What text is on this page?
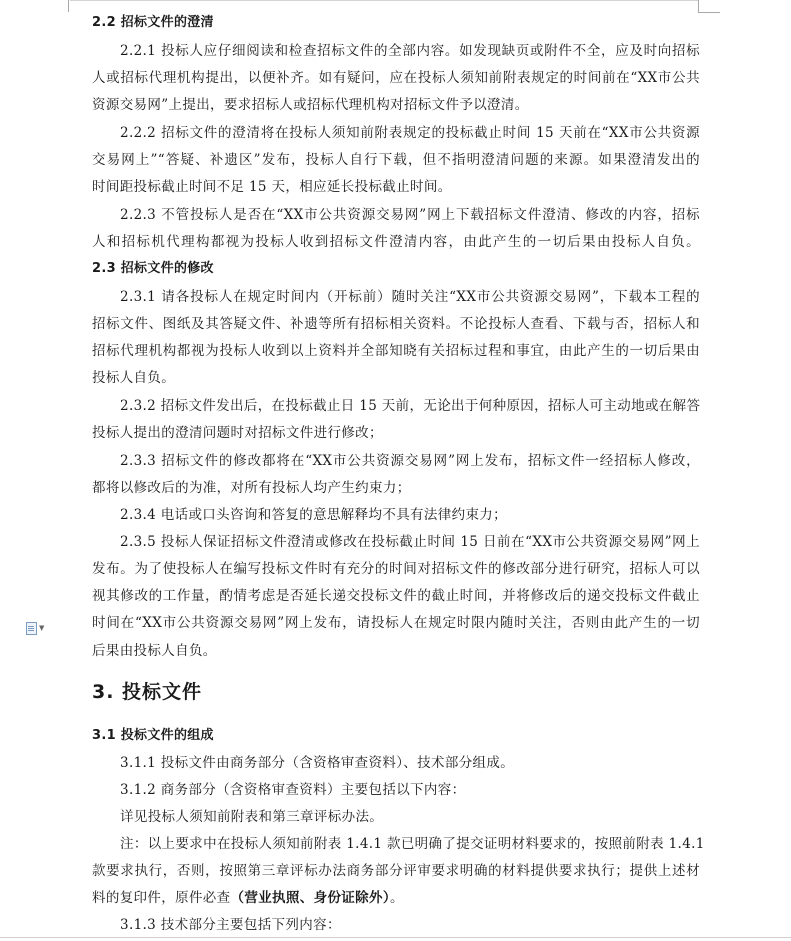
▼
2.2 招标文件的澄清
2.2.1 投标人应仔细阅读和检查招标文件的全部内容。如发现缺页或附件不全，应及时向招标
人或招标代理机构提出，以便补齐。如有疑问，应在投标人须知前附表规定的时间前在“XX市公共
资源交易网”上提出，要求招标人或招标代理机构对招标文件予以澄清。
2.2.2 招标文件的澄清将在投标人须知前附表规定的投标截止时间 15 天前在“XX市公共资源
交易网上”“答疑、补遗区”发布，投标人自行下载，但不指明澄清问题的来源。如果澄清发出的
时间距投标截止时间不足 15 天，相应延长投标截止时间。
2.2.3 不管投标人是否在“XX市公共资源交易网”网上下载招标文件澄清、修改的内容，招标
人和招标机代理构都视为投标人收到招标文件澄清内容，由此产生的一切后果由投标人自负。
2.3 招标文件的修改
2.3.1 请各投标人在规定时间内（开标前）随时关注“XX市公共资源交易网”，下载本工程的
招标文件、图纸及其答疑文件、补遗等所有招标相关资料。不论投标人查看、下载与否，招标人和
招标代理机构都视为投标人收到以上资料并全部知晓有关招标过程和事宜，由此产生的一切后果由
投标人自负。
2.3.2 招标文件发出后，在投标截止日 15 天前，无论出于何种原因，招标人可主动地或在解答
投标人提出的澄清问题时对招标文件进行修改；
2.3.3 招标文件的修改都将在“XX市公共资源交易网”网上发布，招标文件一经招标人修改，
都将以修改后的为准，对所有投标人均产生约束力；
2.3.4 电话或口头咨询和答复的意思解释均不具有法律约束力；
2.3.5 投标人保证招标文件澄清或修改在投标截止时间 15 日前在“XX市公共资源交易网”网上
发布。为了使投标人在编写投标文件时有充分的时间对招标文件的修改部分进行研究，招标人可以
视其修改的工作量，酌情考虑是否延长递交投标文件的截止时间，并将修改后的递交投标文件截止
时间在“XX市公共资源交易网”网上发布，请投标人在规定时限内随时关注，否则由此产生的一切
后果由投标人自负。
3. 投标文件
3.1 投标文件的组成
3.1.1 投标文件由商务部分（含资格审查资料）、技术部分组成。
3.1.2 商务部分（含资格审查资料）主要包括以下内容：
详见投标人须知前附表和第三章评标办法。
注：以上要求中在投标人须知前附表 1.4.1 款已明确了提交证明材料要求的，按照前附表 1.4.1
款要求执行，否则，按照第三章评标办法商务部分评审要求明确的材料提供要求执行；提供上述材
料的复印件，原件必查（营业执照、身份证除外）。
3.1.3 技术部分主要包括下列内容：
